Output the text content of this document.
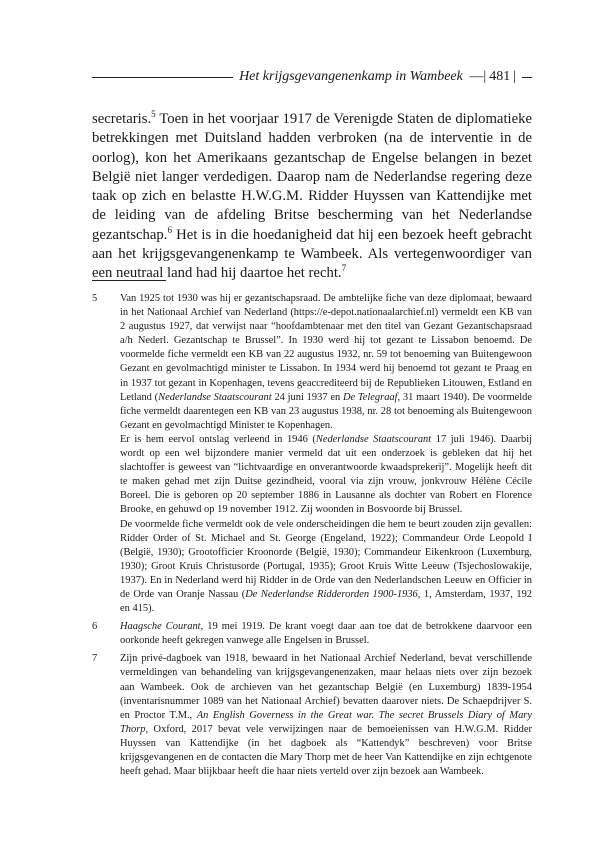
Het krijgsgevangenenkamp in Wambeek —| 481 |
secretaris.$^5$ Toen in het voorjaar 1917 de Verenigde Staten de diplomatieke betrekkingen met Duitsland hadden verbroken (na de interventie in de oorlog), kon het Amerikaans gezantschap de Engelse belangen in bezet België niet langer verdedigen. Daarop nam de Nederlandse regering deze taak op zich en belastte H.W.G.M. Ridder Huyssen van Kattendijke met de leiding van de afdeling Britse bescherming van het Nederlandse gezantschap.$^6$ Het is in die hoedanigheid dat hij een bezoek heeft gebracht aan het krijgsgevangenenkamp te Wambeek. Als vertegenwoordiger van een neutraal land had hij daartoe het recht.$^7$
5	Van 1925 tot 1930 was hij er gezantschapsraad. De ambtelijke fiche van deze diplomaat, bewaard in het Nationaal Archief van Nederland (https://e-depot.nationaalarchief.nl) vermeldt een KB van 2 augustus 1927, dat verwijst naar “hoofdambtenaar met den titel van Gezant Gezantschapsraad a/h Nederl. Gezantschap te Brussel”. In 1930 werd hij tot gezant te Lissabon benoemd. De voormelde fiche vermeldt een KB van 22 augustus 1932, nr. 59 tot benoeming van Buitengewoon Gezant en gevolmachtigd minister te Lissabon. In 1934 werd hij benoemd tot gezant te Praag en in 1937 tot gezant in Kopenhagen, tevens geaccrediteerd bij de Republieken Litouwen, Estland en Letland (Nederlandse Staatscourant 24 juni 1937 en De Telegraaf, 31 maart 1940). De voormelde fiche vermeldt daarentegen een KB van 23 augustus 1938, nr. 28 tot benoeming als Buitengewoon Gezant en gevolmachtigd Minister te Kopenhagen.

Er is hem eervol ontslag verleend in 1946 (Nederlandse Staatscourant 17 juli 1946). Daarbij wordt op een wel bijzondere manier vermeld dat uit een onderzoek is gebleken dat hij het slachtoffer is geweest van “lichtvaardige en onverantwoorde kwaadsprekerij”. Mogelijk heeft dit te maken gehad met zijn Duitse gezindheid, vooral via zijn vrouw, jonkvrouw Hélène Cécile Boreel. Die is geboren op 20 september 1886 in Lausanne als dochter van Robert en Florence Brooke, en gehuwd op 19 november 1912. Zij woonden in Bosvoorde bij Brussel.

De voormelde fiche vermeldt ook de vele onderscheidingen die hem te beurt zouden zijn gevallen: Ridder Order of St. Michael and St. George (Engeland, 1922); Commandeur Orde Leopold I (België, 1930); Grootofficier Kroonorde (België, 1930); Commandeur Eikenkroon (Luxemburg, 1930); Groot Kruis Christusorde (Portugal, 1935); Groot Kruis Witte Leeuw (Tsjechoslowakije, 1937). En in Nederland werd hij Ridder in de Orde van den Nederlandschen Leeuw en Officier in de Orde van Oranje Nassau (De Nederlandse Ridderorden 1900-1936, 1, Amsterdam, 1937, 192 en 415).

6	Haagsche Courant, 19 mei 1919. De krant voegt daar aan toe dat de betrokkene daarvoor een oorkonde heeft gekregen vanwege alle Engelsen in Brussel.

7	Zijn privé-dagboek van 1918, bewaard in het Nationaal Archief Nederland, bevat verschillende vermeldingen van behandeling van krijgsgevangenenzaken, maar helaas niets over zijn bezoek aan Wambeek. Ook de archieven van het gezantschap België (en Luxemburg) 1839-1954 (inventarisnummer 1089 van het Nationaal Archief) bevatten daarover niets. De Schaepdrijver S. en Proctor T.M., An English Governess in the Great war. The secret Brussels Diary of Mary Thorp, Oxford, 2017 bevat vele verwijzingen naar de bemoeienissen van H.W.G.M. Ridder Huyssen van Kattendijke (in het dagboek als “Kattendyk” beschreven) voor Britse krijgsgevangenen en de contacten die Mary Thorp met de heer Van Kattendijke en zijn echtgenote heeft gehad. Maar blijkbaar heeft die haar niets verteld over zijn bezoek aan Wambeek.
